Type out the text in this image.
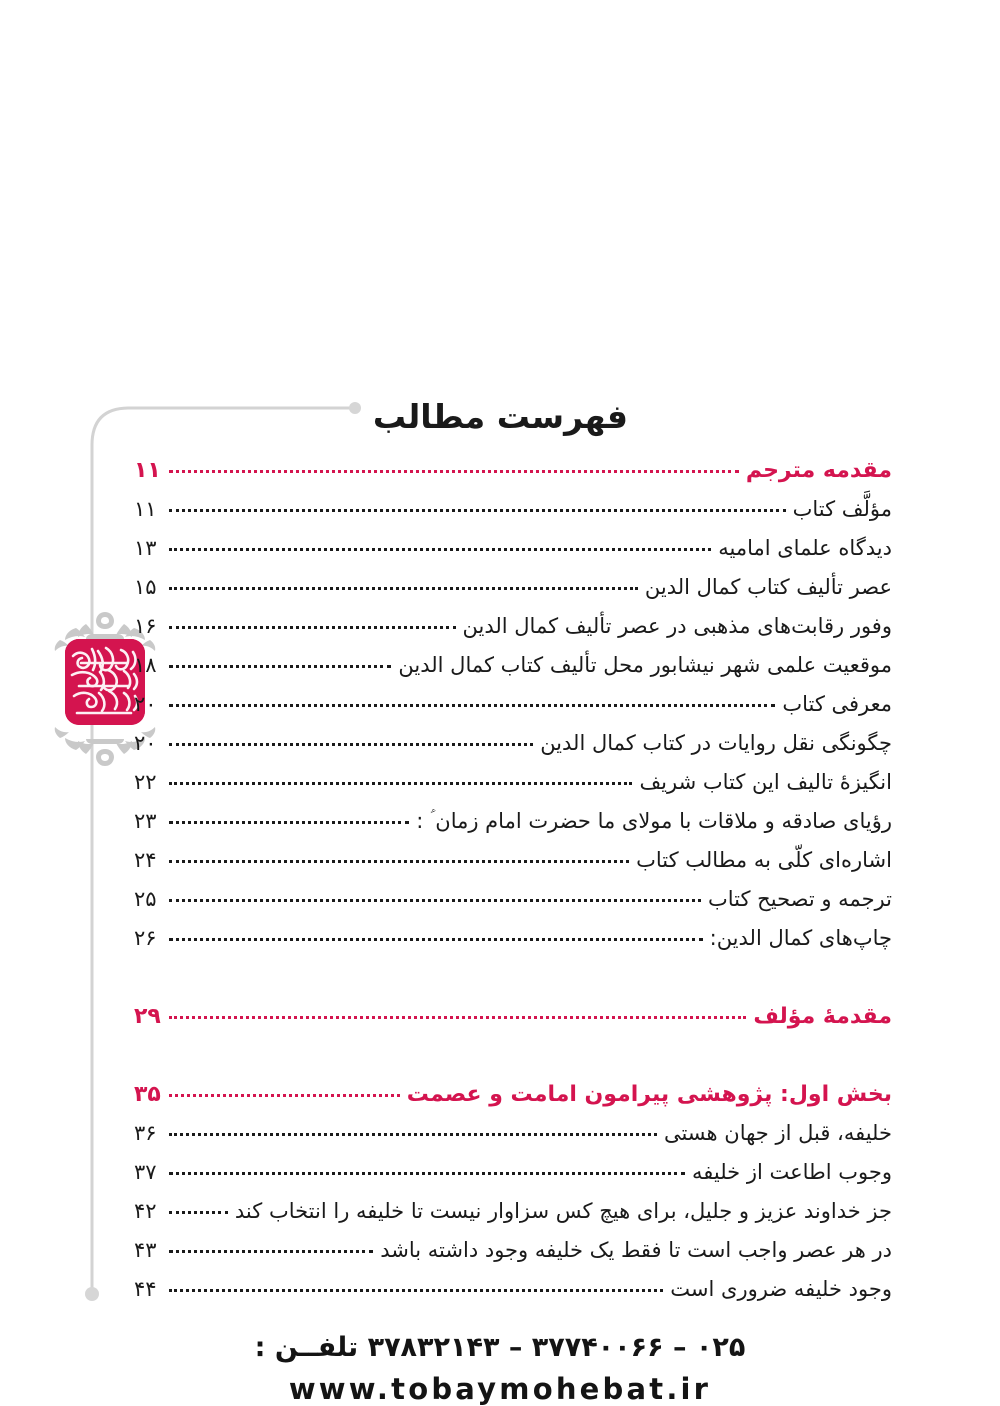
فهرست مطالب
مقدمه مترجم
۱۱
مؤلَّف کتاب
۱۱
دیدگاه علمای امامیه
۱۳
عصر تألیف کتاب کمال الدین
۱۵
وفور رقابت‌های مذهبی در عصر تألیف کمال الدین
۱۶
موقعیت علمی شهر نیشابور محل تألیف کتاب کمال الدین
۱۸
معرفی کتاب
۲۰
چگونگی نقل روایات در کتاب کمال الدین
۲۰
انگیزهٔ تالیف این کتاب شریف
۲۲
رؤیای صادقه و ملاقات با مولای ما حضرت امام زمان ؑ :
۲۳
اشاره‌ای کلّی به مطالب کتاب
۲۴
ترجمه و تصحیح کتاب
۲۵
چاپ‌های کمال الدین:
۲۶
مقدمهٔ مؤلف
۲۹
بخش اول: پژوهشی پیرامون امامت و عصمت
۳۵
خلیفه، قبل از جهان هستی
۳۶
وجوب اطاعت از خلیفه
۳۷
جز خداوند عزیز و جلیل، برای هیچ کس سزاوار نیست تا خلیفه را انتخاب کند
۴۲
در هر عصر واجب است تا فقط یک خلیفه وجود داشته باشد
۴۳
وجود خلیفه ضروری است
۴۴
۰۲۵ – ۳۷۷۴۰۰۶۶ – ۳۷۸۳۲۱۴۳ تلفــن :
www.tobaymohebat.ir
